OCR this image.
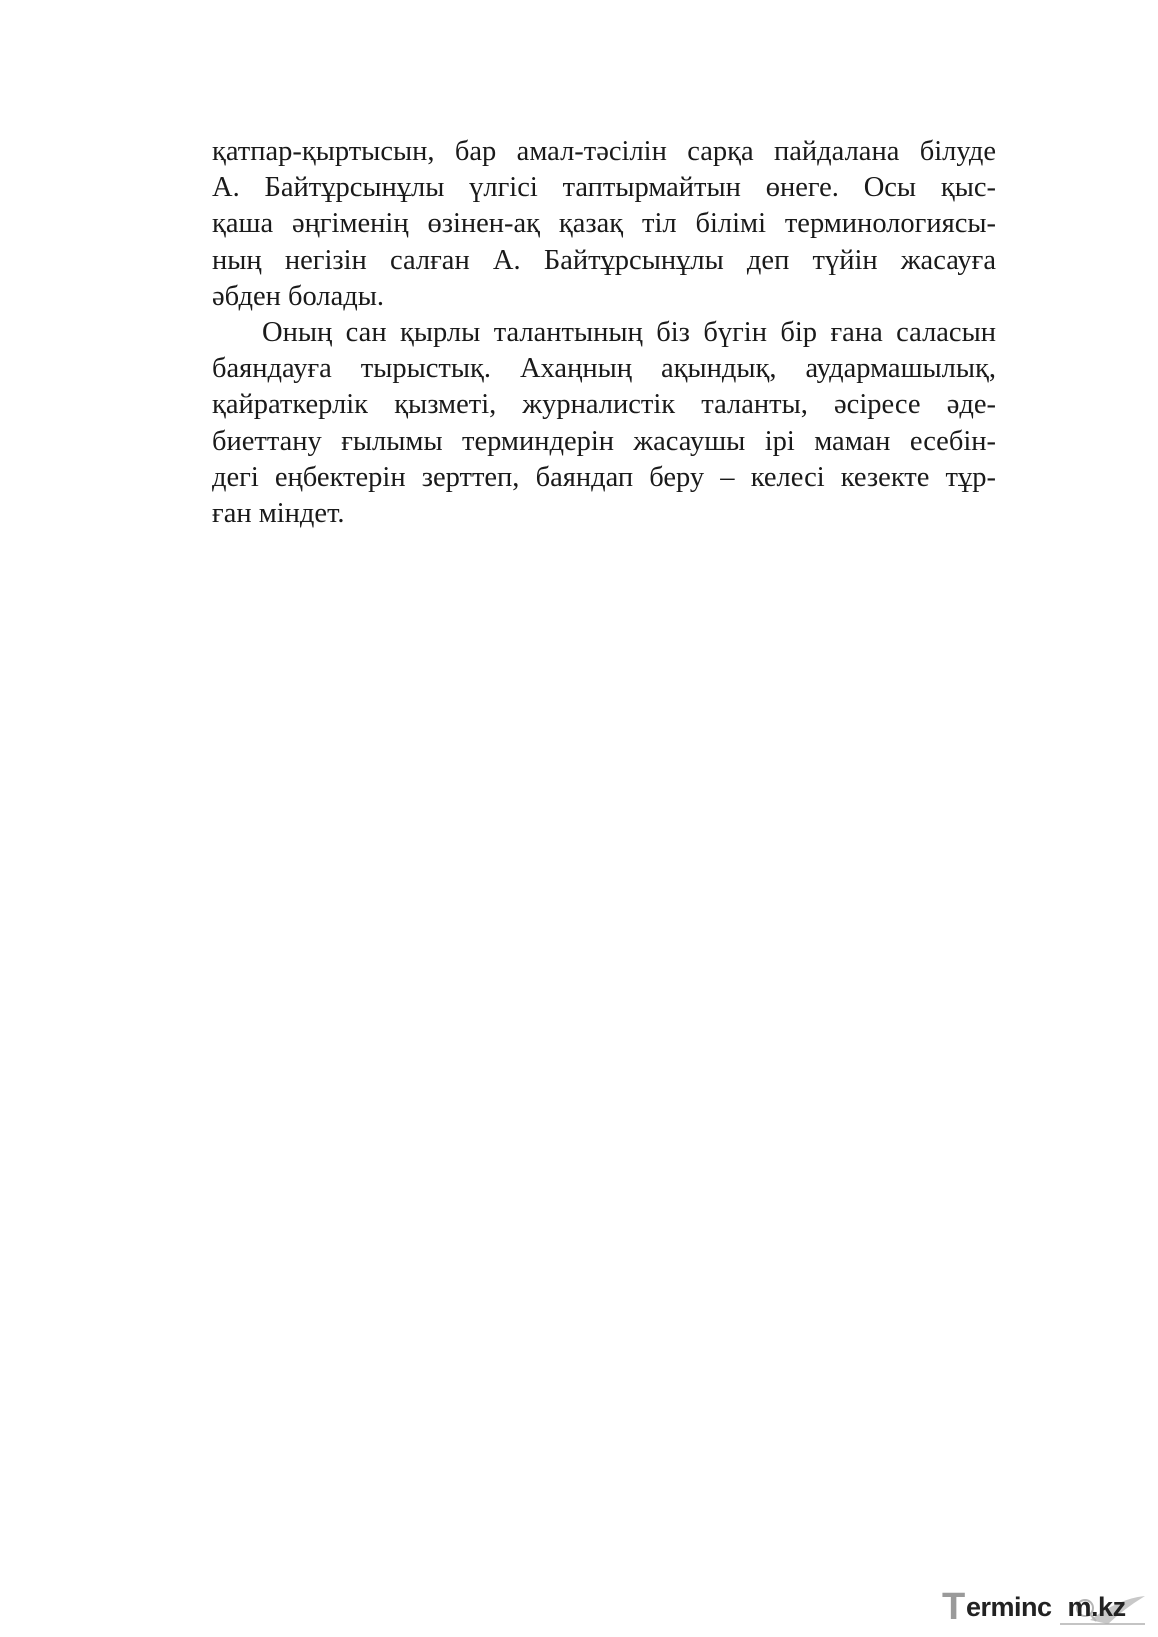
қатпар-қыртысын, бар амал-тәсілін сарқа пайдалана білуде
А. Байтұрсынұлы үлгісі таптырмайтын өнеге. Осы қыс-
қаша әңгіменің өзінен-ақ қазақ тіл білімі терминологиясы-
ның негізін салған А. Байтұрсынұлы деп түйін жасауға
әбден болады.

Оның сан қырлы талантының біз бүгін бір ғана саласын
баяндауға тырыстық. Ахаңның ақындық, аудармашылық,
қайраткерлік қызметі, журналистік таланты, әсіресе әде-
биеттану ғылымы терминдерін жасаушы ірі маман есебін-
дегі еңбектерін зерттеп, баяндап беру – келесі кезекте тұр-
ған міндет.

T erminc m.kz
